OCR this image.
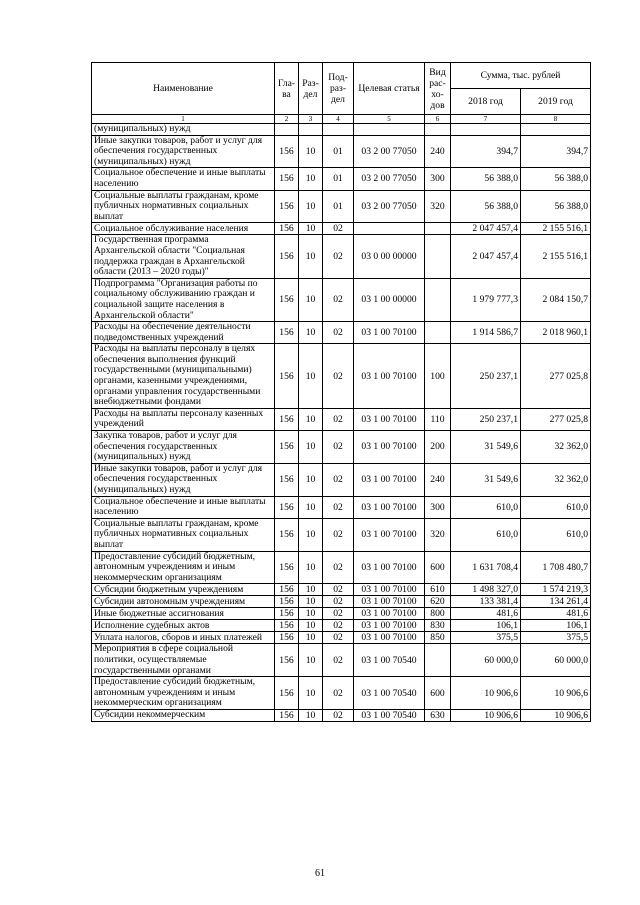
Наименование	Гла-ва	Раз-дел	Под-раз-дел	Целевая статья	Вид рас-хо-дов	Сумма, тыс. рублей	
						2018 год	2019 год
1	2	3	4	5	6	7	8
(муниципальных) нужд							
Иные закупки товаров, работ и услуг для обеспечения государственных (муниципальных) нужд	156	10	01	03 2 00 77050	240	394,7	394,7
Социальное обеспечение и иные выплаты населению	156	10	01	03 2 00 77050	300	56 388,0	56 388,0
Социальные выплаты гражданам, кроме публичных нормативных социальных выплат	156	10	01	03 2 00 77050	320	56 388,0	56 388,0
Социальное обслуживание населения	156	10	02			2 047 457,4	2 155 516,1
Государственная программа Архангельской области "Социальная поддержка граждан в Архангельской области (2013 – 2020 годы)"	156	10	02	03 0 00 00000		2 047 457,4	2 155 516,1
Подпрограмма "Организация работы по социальному обслуживанию граждан и социальной защите населения в Архангельской области"	156	10	02	03 1 00 00000		1 979 777,3	2 084 150,7
Расходы на обеспечение деятельности подведомственных учреждений	156	10	02	03 1 00 70100		1 914 586,7	2 018 960,1
Расходы на выплаты персоналу в целях обеспечения выполнения функций государственными (муниципальными) органами, казенными учреждениями, органами управления государственными внебюджетными фондами	156	10	02	03 1 00 70100	100	250 237,1	277 025,8
Расходы на выплаты персоналу казенных учреждений	156	10	02	03 1 00 70100	110	250 237,1	277 025,8
Закупка товаров, работ и услуг для обеспечения государственных (муниципальных) нужд	156	10	02	03 1 00 70100	200	31 549,6	32 362,0
Иные закупки товаров, работ и услуг для обеспечения государственных (муниципальных) нужд	156	10	02	03 1 00 70100	240	31 549,6	32 362,0
Социальное обеспечение и иные выплаты населению	156	10	02	03 1 00 70100	300	610,0	610,0
Социальные выплаты гражданам, кроме публичных нормативных социальных выплат	156	10	02	03 1 00 70100	320	610,0	610,0
Предоставление субсидий бюджетным, автономным учреждениям и иным некоммерческим организациям	156	10	02	03 1 00 70100	600	1 631 708,4	1 708 480,7
Субсидии бюджетным учреждениям	156	10	02	03 1 00 70100	610	1 498 327,0	1 574 219,3
Субсидии автономным учреждениям	156	10	02	03 1 00 70100	620	133 381,4	134 261,4
Иные бюджетные ассигнования	156	10	02	03 1 00 70100	800	481,6	481,6
Исполнение судебных актов	156	10	02	03 1 00 70100	830	106,1	106,1
Уплата налогов, сборов и иных платежей	156	10	02	03 1 00 70100	850	375,5	375,5
Мероприятия в сфере социальной политики, осуществляемые государственными органами	156	10	02	03 1 00 70540		60 000,0	60 000,0
Предоставление субсидий бюджетным, автономным учреждениям и иным некоммерческим организациям	156	10	02	03 1 00 70540	600	10 906,6	10 906,6
Субсидии некоммерческим	156	10	02	03 1 00 70540	630	10 906,6	10 906,6
61
